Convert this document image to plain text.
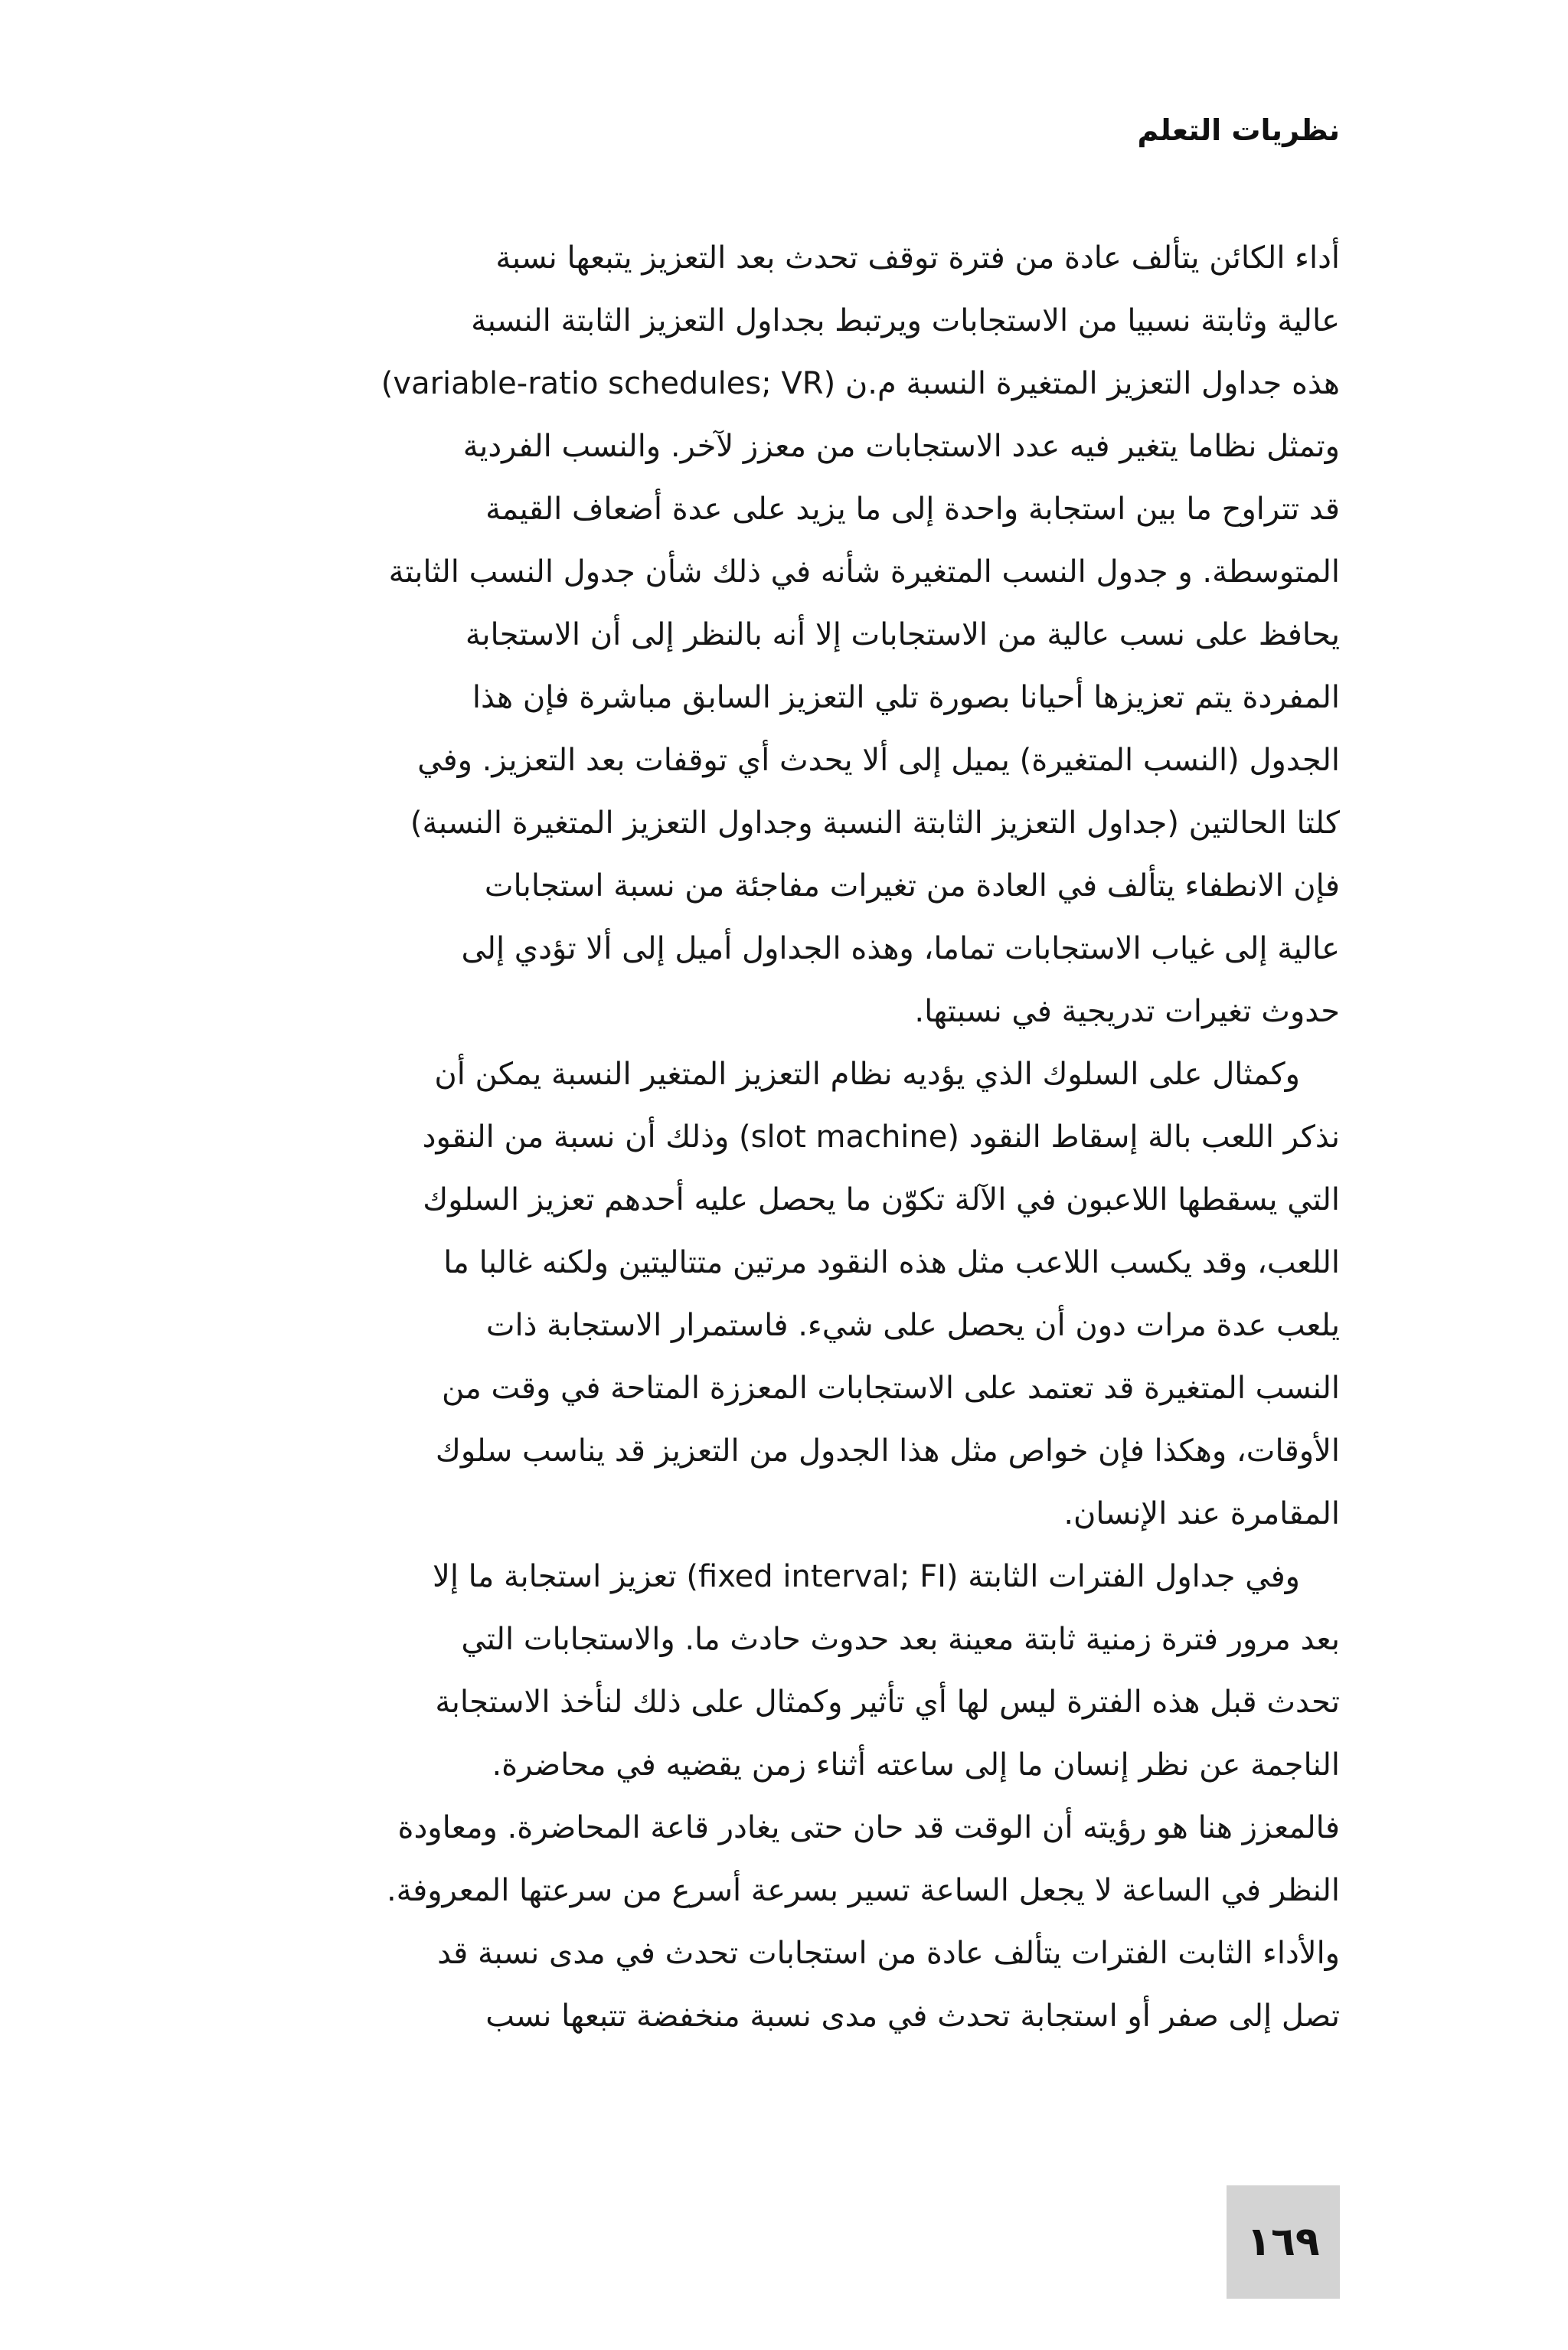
نظريات التعلم
أداء الكائن يتألف عادة من فترة توقف تحدث بعد التعزيز يتبعها نسبة
عالية وثابتة نسبيا من الاستجابات ويرتبط بجداول التعزيز الثابتة النسبة
هذه جداول التعزيز المتغيرة النسبة م.ن (variable-ratio schedules; VR)
وتمثل نظاما يتغير فيه عدد الاستجابات من معزز لآخر. والنسب الفردية
قد تتراوح ما بين استجابة واحدة إلى ما يزيد على عدة أضعاف القيمة
المتوسطة. و جدول النسب المتغيرة شأنه في ذلك شأن جدول النسب الثابتة
يحافظ على نسب عالية من الاستجابات إلا أنه بالنظر إلى أن الاستجابة
المفردة يتم تعزيزها أحيانا بصورة تلي التعزيز السابق مباشرة فإن هذا
الجدول (النسب المتغيرة) يميل إلى ألا يحدث أي توقفات بعد التعزيز. وفي
كلتا الحالتين (جداول التعزيز الثابتة النسبة وجداول التعزيز المتغيرة النسبة)
فإن الانطفاء يتألف في العادة من تغيرات مفاجئة من نسبة استجابات
عالية إلى غياب الاستجابات تماما، وهذه الجداول أميل إلى ألا تؤدي إلى
حدوث تغيرات تدريجية في نسبتها.
وكمثال على السلوك الذي يؤديه نظام التعزيز المتغير النسبة يمكن أن
نذكر اللعب بالة إسقاط النقود (slot machine) وذلك أن نسبة من النقود
التي يسقطها اللاعبون في الآلة تكوّن ما يحصل عليه أحدهم تعزيز السلوك
اللعب، وقد يكسب اللاعب مثل هذه النقود مرتين متتاليتين ولكنه غالبا ما
يلعب عدة مرات دون أن يحصل على شيء. فاستمرار الاستجابة ذات
النسب المتغيرة قد تعتمد على الاستجابات المعززة المتاحة في وقت من
الأوقات، وهكذا فإن خواص مثل هذا الجدول من التعزيز قد يناسب سلوك
المقامرة عند الإنسان.
وفي جداول الفترات الثابتة (fixed interval; FI) تعزيز استجابة ما إلا
بعد مرور فترة زمنية ثابتة معينة بعد حدوث حادث ما. والاستجابات التي
تحدث قبل هذه الفترة ليس لها أي تأثير وكمثال على ذلك لنأخذ الاستجابة
الناجمة عن نظر إنسان ما إلى ساعته أثناء زمن يقضيه في محاضرة.
فالمعزز هنا هو رؤيته أن الوقت قد حان حتى يغادر قاعة المحاضرة. ومعاودة
النظر في الساعة لا يجعل الساعة تسير بسرعة أسرع من سرعتها المعروفة.
والأداء الثابت الفترات يتألف عادة من استجابات تحدث في مدى نسبة قد
تصل إلى صفر أو استجابة تحدث في مدى نسبة منخفضة تتبعها نسب
١٦٩
